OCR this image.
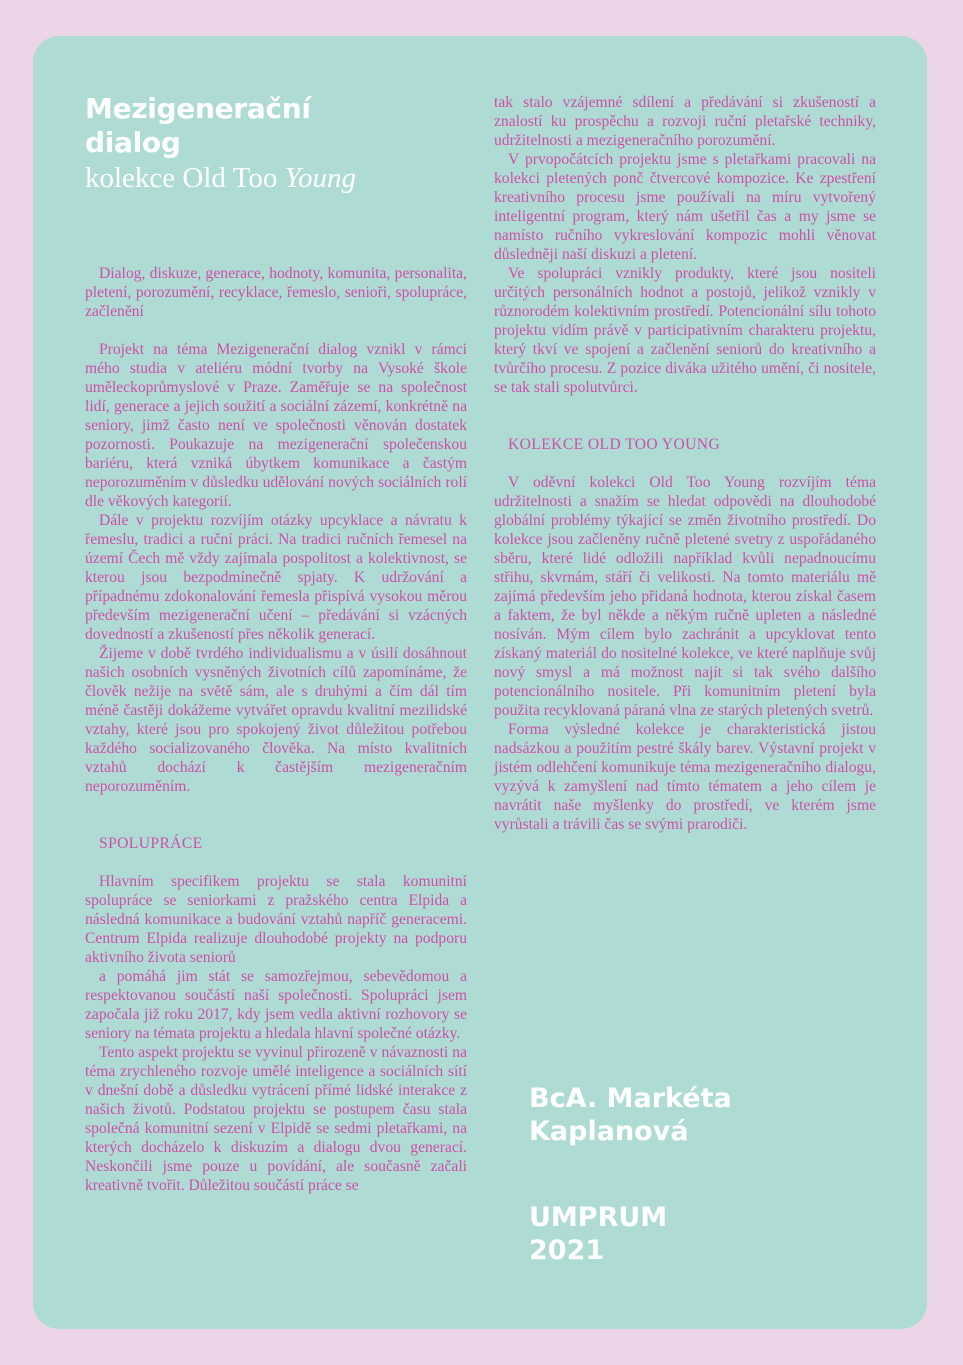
Mezigenerační
dialog
kolekce Old Too Young

Dialog, diskuze, generace, hodnoty, komunita, personalita, pletení, porozumění, recyklace, řemeslo, senioři, spolupráce, začlenění

Projekt na téma Mezigenerační dialog vznikl v rámci mého studia v ateliéru módní tvorby na Vysoké škole uměleckoprůmyslové v Praze. Zaměřuje se na společnost lidí, generace a jejich soužití a sociální zázemí, konkrétně na seniory, jimž často není ve společnosti věnován dostatek pozornosti. Poukazuje na mezigenerační společenskou bariéru, která vzniká úbytkem komunikace a častým neporozuměním v důsledku udělování nových sociálních rolí dle věkových kategorií.

Dále v projektu rozvíjím otázky upcyklace a návratu k řemeslu, tradici a ruční práci. Na tradici ručních řemesel na území Čech mě vždy zajímala pospolitost a kolektivnost, se kterou jsou bezpodmínečně spjaty. K udržování a případnému zdokonalování řemesla přispívá vysokou měrou především mezigenerační učení – předávání si vzácných dovedností a zkušeností přes několik generací.

Žijeme v době tvrdého individualismu a v úsilí dosáhnout našich osobních vysněných životních cílů zapomínáme, že člověk nežije na světě sám, ale s druhými a čím dál tím méně častěji dokážeme vytvářet opravdu kvalitní mezilidské vztahy, které jsou pro spokojený život důležitou potřebou každého socializovaného člověka. Na místo kvalitních vztahů dochází k častějším mezigeneračním neporozuměním.

SPOLUPRÁCE

Hlavním specifikem projektu se stala komunitní spolupráce se seniorkami z pražského centra Elpida a následná komunikace a budování vztahů napříč generacemi. Centrum Elpida realizuje dlouhodobé projekty na podporu aktivního života seniorů

a pomáhá jim stát se samozřejmou, sebevědomou a respektovanou součástí naší společnosti. Spolupráci jsem započala již roku 2017, kdy jsem vedla aktivní rozhovory se seniory na témata projektu a hledala hlavní společné otázky.

Tento aspekt projektu se vyvinul přirozeně v návaznosti na téma zrychleného rozvoje umělé inteligence a sociálních sítí v dnešní době a důsledku vytrácení přímé lidské interakce z našich životů. Podstatou projektu se postupem času stala společná komunitní sezení v Elpidě se sedmi pletařkami, na kterých docházelo k diskuzím a dialogu dvou generací. Neskončili jsme pouze u povídání, ale současně začali kreativně tvořit. Důležitou součástí práce se

tak stalo vzájemné sdílení a předávání si zkušeností a znalostí ku prospěchu a rozvoji ruční pletařské techniky, udržitelnosti a mezigeneračního porozumění.

V prvopočátcích projektu jsme s pletařkami pracovali na kolekci pletených ponč čtvercové kompozice. Ke zpestření kreativního procesu jsme používali na míru vytvořený inteligentní program, který nám ušetřil čas a my jsme se namísto ručního vykreslování kompozic mohli věnovat důsledněji naší diskuzi a pletení.

Ve spolupráci vznikly produkty, které jsou nositeli určitých personálních hodnot a postojů, jelikož vznikly v různorodém kolektivním prostředí. Potencionální sílu tohoto projektu vidím právě v participativním charakteru projektu, který tkví ve spojení a začlenění seniorů do kreativního a tvůrčího procesu. Z pozice diváka užitého umění, či nositele, se tak stali spolutvůrci.

KOLEKCE OLD TOO YOUNG

V oděvní kolekci Old Too Young rozvíjím téma udržitelnosti a snažím se hledat odpovědi na dlouhodobé globální problémy týkající se změn životního prostředí. Do kolekce jsou začleněny ručně pletené svetry z uspořádaného sběru, které lidé odložili například kvůli nepadnoucímu střihu, skvrnám, stáří či velikosti. Na tomto materiálu mě zajímá především jeho přidaná hodnota, kterou získal časem a faktem, že byl někde a někým ručně upleten a následné nosíván. Mým cílem bylo zachránit a upcyklovat tento získaný materiál do nositelné kolekce, ve které naplňuje svůj nový smysl a má možnost najít si tak svého dalšího potencionálního nositele. Při komunitním pletení byla použita recyklovaná páraná vlna ze starých pletených svetrů.

Forma výsledné kolekce je charakteristická jistou nadsázkou a použitím pestré škály barev. Výstavní projekt v jistém odlehčení komunikuje téma mezigeneračního dialogu, vyzývá k zamyšlení nad tímto tématem a jeho cílem je navrátit naše myšlenky do prostředí, ve kterém jsme vyrůstali a trávili čas se svými prarodiči.

BcA. Markéta
Kaplanová
UMPRUM
2021
